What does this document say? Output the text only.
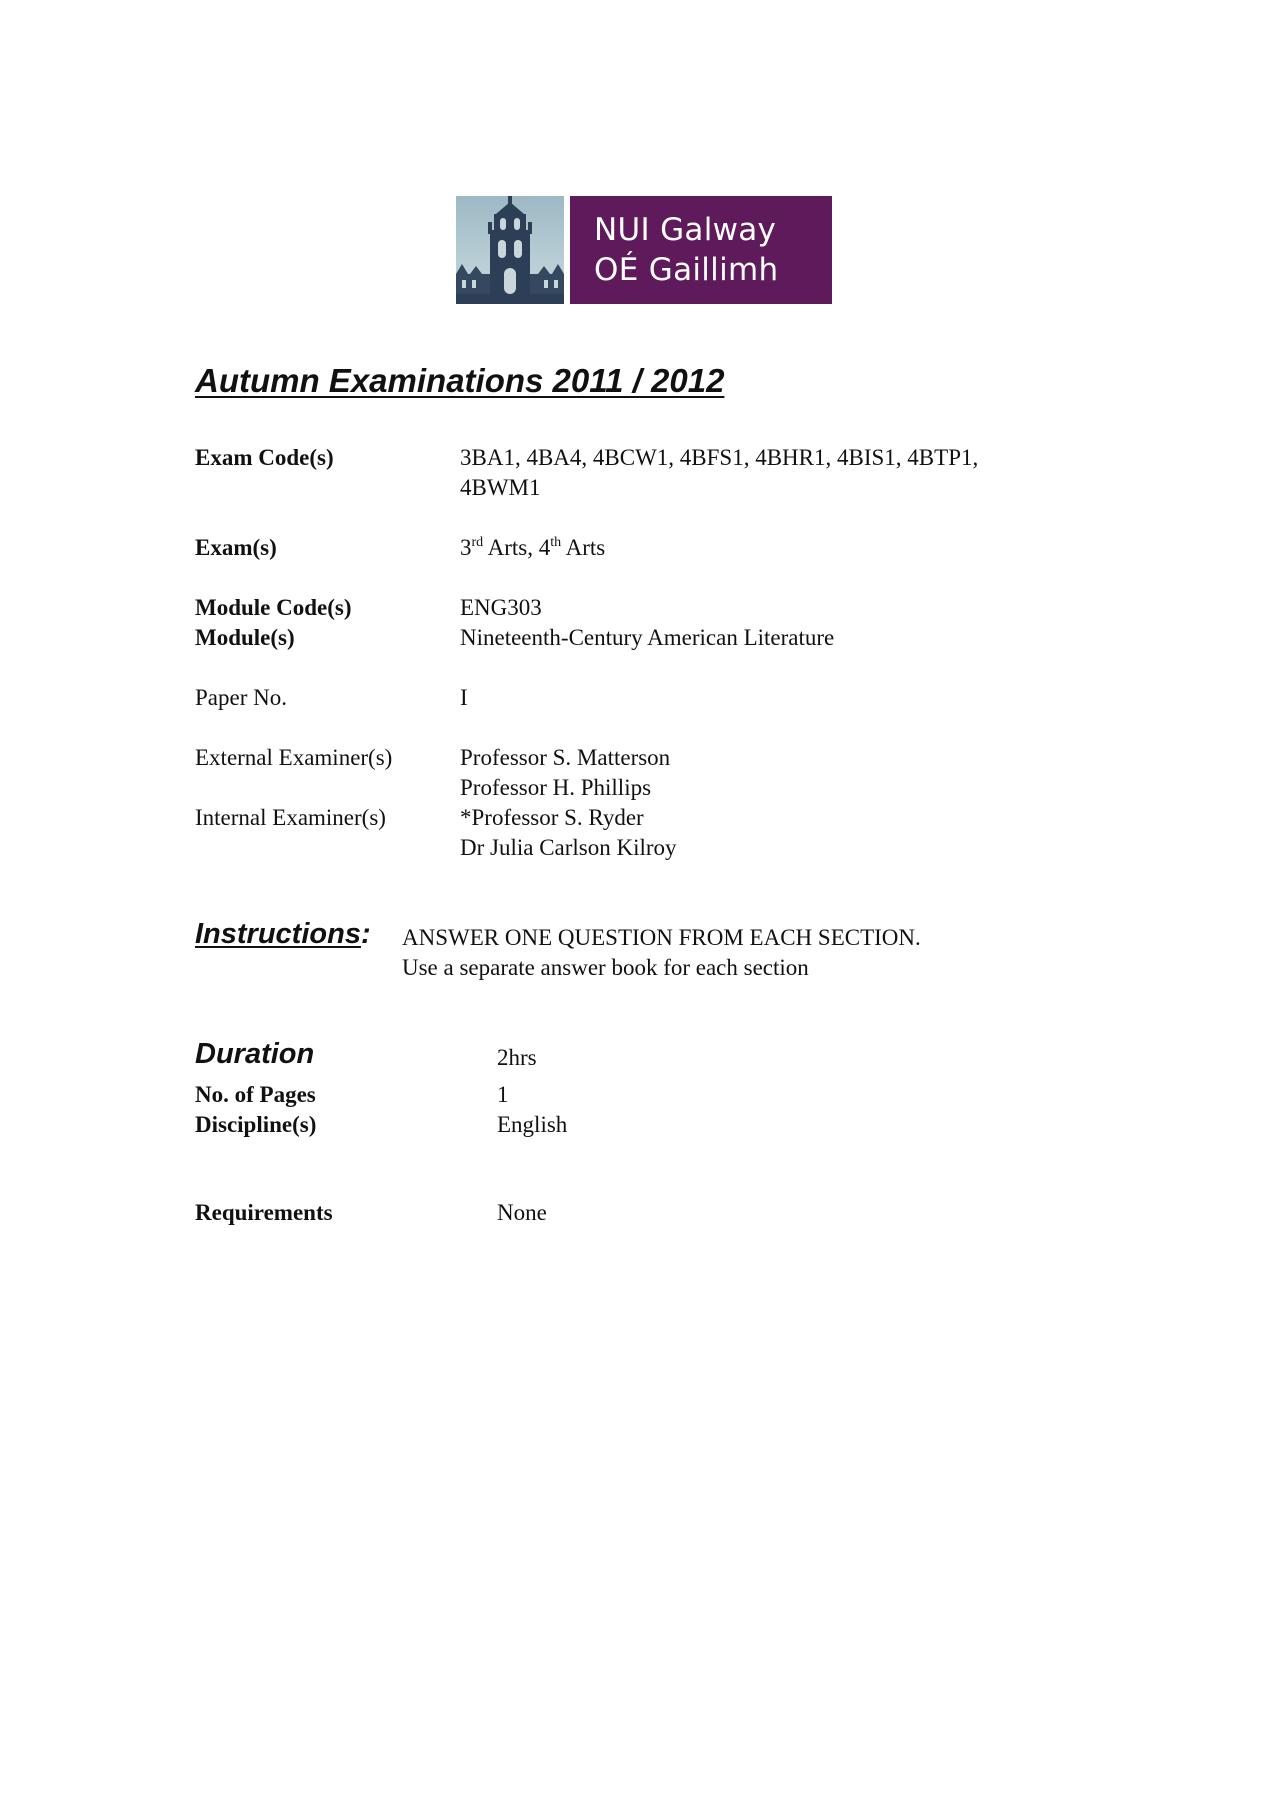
NUI Galway
OÉ Gaillimh
Autumn Examinations 2011 / 2012
Exam Code(s)	3BA1, 4BA4, 4BCW1, 4BFS1, 4BHR1, 4BIS1, 4BTP1,
4BWM1
Exam(s)	3rd Arts, 4th Arts
Module Code(s)	ENG303
Module(s)	Nineteenth-Century American Literature
Paper No.	I
External Examiner(s)	Professor S. Matterson
Professor H. Phillips
Internal Examiner(s)	*Professor S. Ryder
Dr Julia Carlson Kilroy
Instructions: ANSWER ONE QUESTION FROM EACH SECTION.
Use a separate answer book for each section
Duration	2hrs
No. of Pages	1
Discipline(s)	English
Requirements	None
